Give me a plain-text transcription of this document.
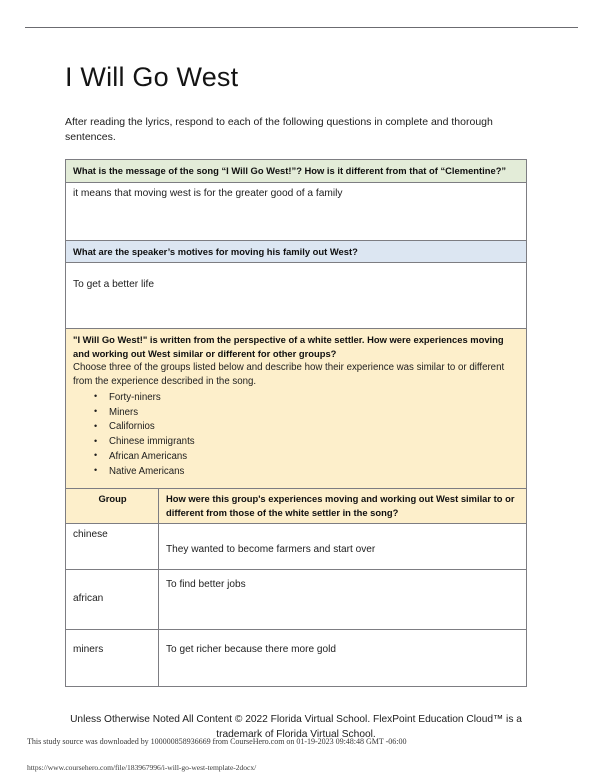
I Will Go West

After reading the lyrics, respond to each of the following questions in complete and thorough sentences.

What is the message of the song “I Will Go West!”? How is it different from that of “Clementine?”
it means that moving west is for the greater good of a family
What are the speaker’s motives for moving his family out West?
To get a better life
"I Will Go West!" is written from the perspective of a white settler. How were experiences moving and working out West similar or different for other groups?

Choose three of the groups listed below and describe how their experience was similar to or different from the experience described in the song.

• Forty-niners
• Miners
• Californios
• Chinese immigrants
• African Americans
• Native Americans
Group	How were this group's experiences moving and working out West similar to or different from those of the white settler in the song?
chinese	They wanted to become farmers and start over
african	To find better jobs
miners	To get richer because there more gold
Unless Otherwise Noted All Content © 2022 Florida Virtual School. FlexPoint Education Cloud™ is a trademark of Florida Virtual School.
This study source was downloaded by 100000858936669 from CourseHero.com on 01-19-2023 09:48:48 GMT -06:00
https://www.coursehero.com/file/183967996/i-will-go-west-template-2docx/
